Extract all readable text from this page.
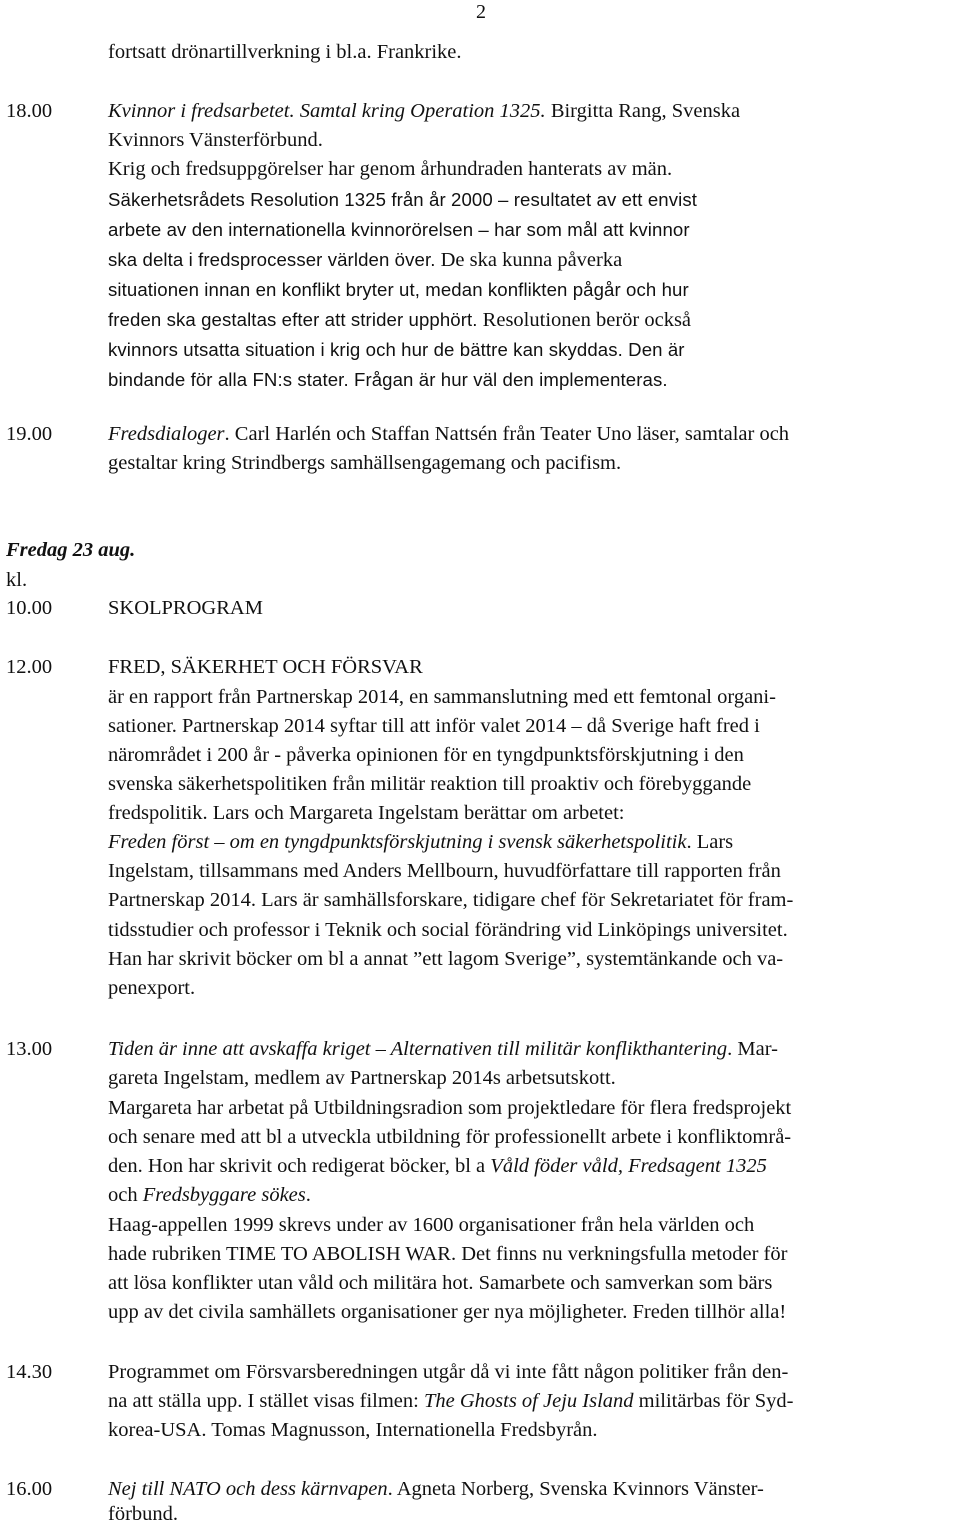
2
fortsatt drönartillverkning i bl.a. Frankrike.
18.00	Kvinnor i fredsarbetet. Samtal kring Operation 1325. Birgitta Rang, Svenska
Kvinnors Vänsterförbund.
Krig och fredsuppgörelser har genom århundraden hanterats av män.
Säkerhetsrådets Resolution 1325 från år 2000 – resultatet av ett envist
arbete av den internationella kvinnorörelsen – har som mål att kvinnor
ska delta i fredsprocesser världen över. De ska kunna påverka
situationen innan en konflikt bryter ut, medan konflikten pågår och hur
freden ska gestaltas efter att strider upphört. Resolutionen berör också
kvinnors utsatta situation i krig och hur de bättre kan skyddas. Den är
bindande för alla FN:s stater. Frågan är hur väl den implementeras.
19.00	Fredsdialoger. Carl Harlén och Staffan Nattsén från Teater Uno läser, samtalar och
gestaltar kring Strindbergs samhällsengagemang och pacifism.
Fredag 23 aug.
kl.
10.00	SKOLPROGRAM
12.00	FRED, SÄKERHET OCH FÖRSVAR
är en rapport från Partnerskap 2014, en sammanslutning med ett femtonal organi-
sationer. Partnerskap 2014 syftar till att inför valet 2014 – då Sverige haft fred i
närområdet i 200 år - påverka opinionen för en tyngdpunktsförskjutning i den
svenska säkerhetspolitiken från militär reaktion till proaktiv och förebyggande
fredspolitik. Lars och Margareta Ingelstam berättar om arbetet:
Freden först – om en tyngdpunktsförskjutning i svensk säkerhetspolitik. Lars
Ingelstam, tillsammans med Anders Mellbourn, huvudförfattare till rapporten från
Partnerskap 2014. Lars är samhällsforskare, tidigare chef för Sekretariatet för fram-
tidsstudier och professor i Teknik och social förändring vid Linköpings universitet.
Han har skrivit böcker om bl a annat ”ett lagom Sverige”, systemtänkande och va-
penexport.
13.00	Tiden är inne att avskaffa kriget – Alternativen till militär konflikthantering. Mar-
gareta Ingelstam, medlem av Partnerskap 2014s arbetsutskott.
Margareta har arbetat på Utbildningsradion som projektledare för flera fredsprojekt
och senare med att bl a utveckla utbildning för professionellt arbete i konfliktområ-
den. Hon har skrivit och redigerat böcker, bl a Våld föder våld, Fredsagent 1325
och Fredsbyggare sökes.
Haag-appellen 1999 skrevs under av 1600 organisationer från hela världen och
hade rubriken TIME TO ABOLISH WAR. Det finns nu verkningsfulla metoder för
att lösa konflikter utan våld och militära hot. Samarbete och samverkan som bärs
upp av det civila samhällets organisationer ger nya möjligheter. Freden tillhör alla!
14.30	Programmet om Försvarsberedningen utgår då vi inte fått någon politiker från den-
na att ställa upp. I stället visas filmen: The Ghosts of Jeju Island militärbas för Syd-
korea-USA. Tomas Magnusson, Internationella Fredsbyrån.
16.00	Nej till NATO och dess kärnvapen. Agneta Norberg, Svenska Kvinnors Vänster-
förbund.
